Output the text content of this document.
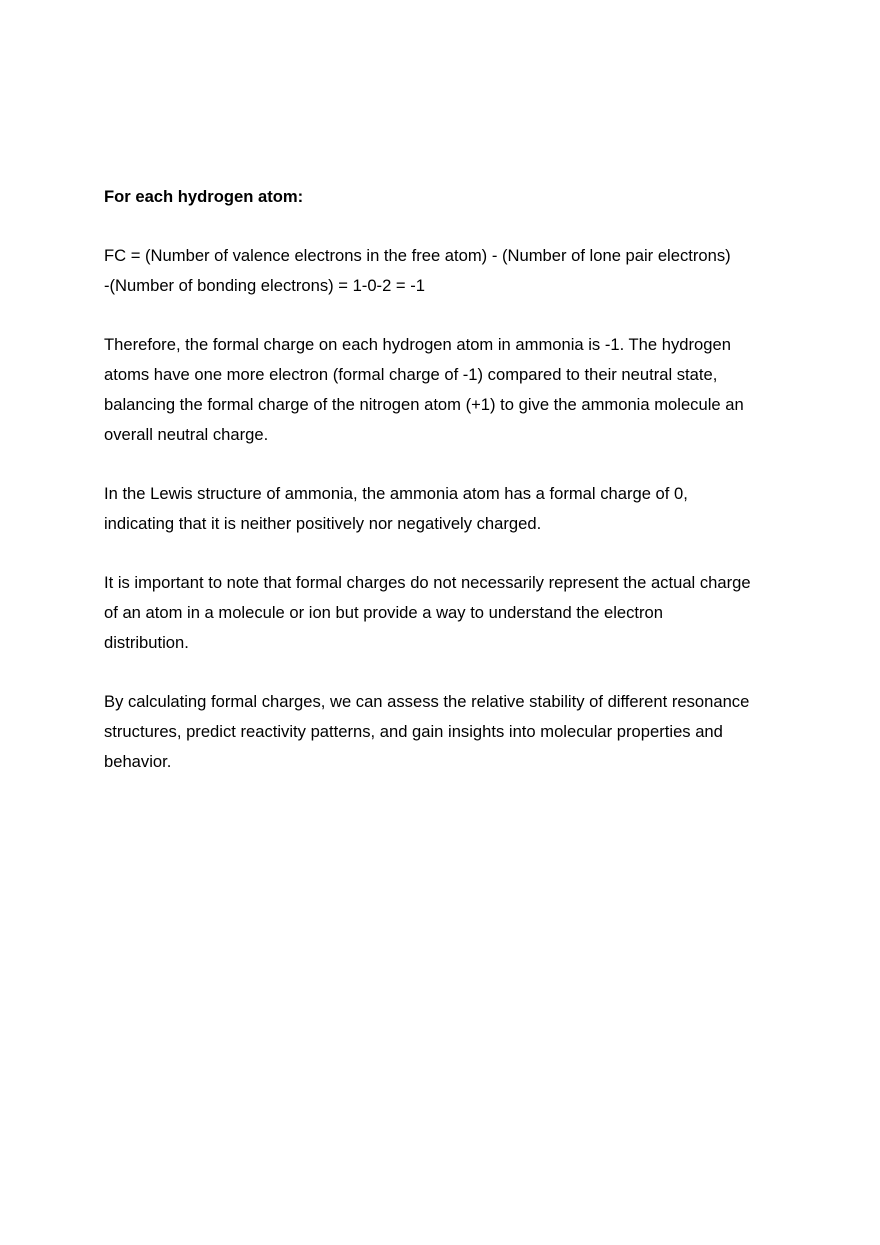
For each hydrogen atom:

FC = (Number of valence electrons in the free atom) - (Number of lone pair electrons)
-(Number of bonding electrons) = 1-0-2 = -1

Therefore, the formal charge on each hydrogen atom in ammonia is -1. The hydrogen
atoms have one more electron (formal charge of -1) compared to their neutral state,
balancing the formal charge of the nitrogen atom (+1) to give the ammonia molecule an
overall neutral charge.

In the Lewis structure of ammonia, the ammonia atom has a formal charge of 0,
indicating that it is neither positively nor negatively charged.

It is important to note that formal charges do not necessarily represent the actual charge
of an atom in a molecule or ion but provide a way to understand the electron
distribution.

By calculating formal charges, we can assess the relative stability of different resonance
structures, predict reactivity patterns, and gain insights into molecular properties and
behavior.
